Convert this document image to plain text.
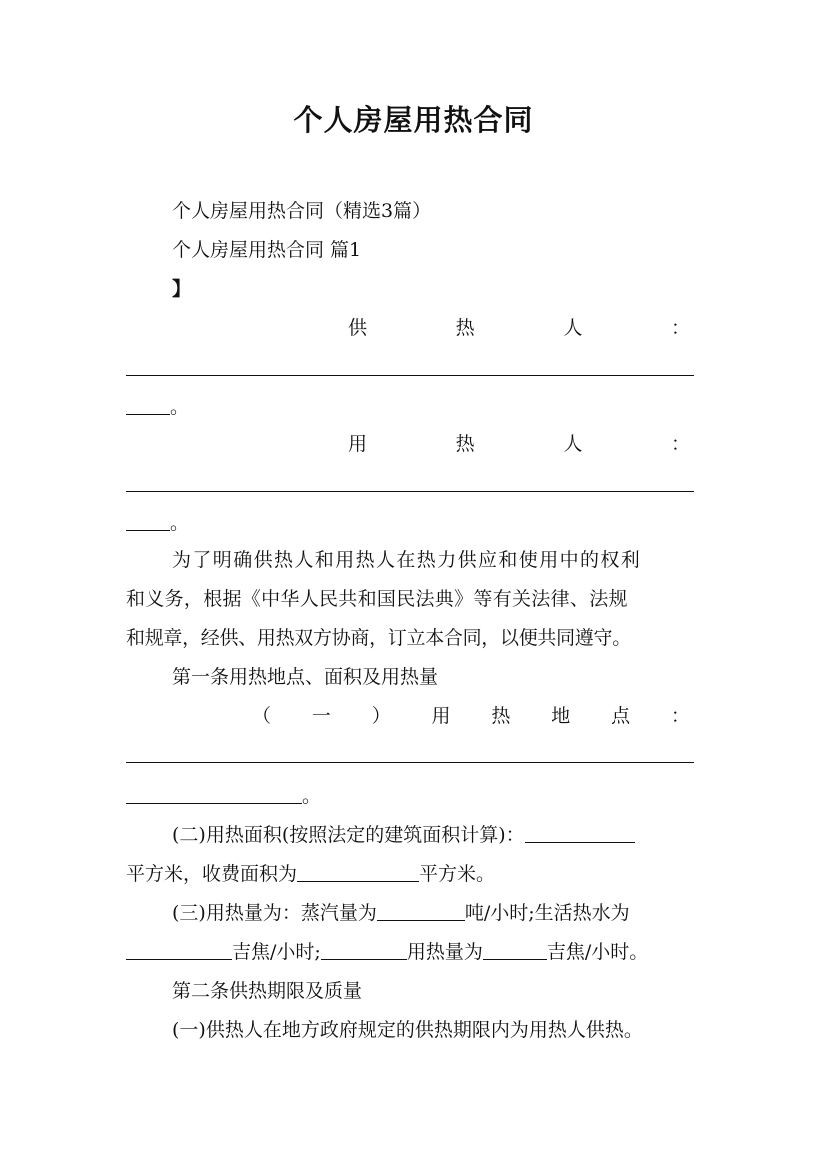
个人房屋用热合同
个人房屋用热合同（精选3篇）
个人房屋用热合同 篇1
】
供	热	人	：
。
用	热	人	：
。
为了明确供热人和用热人在热力供应和使用中的权利
和义务，根据《中华人民共和国民法典》等有关法律、法规
和规章，经供、用热双方协商，订立本合同，以便共同遵守。
第一条用热地点、面积及用热量
（ 一 ） 用 热 地 点 ：
。
(二)用热面积(按照法定的建筑面积计算)：
平方米，收费面积为	平方米。
(三)用热量为：蒸汽量为	吨/小时;生活热水为
吉焦/小时;	用热量为	吉焦/小时。
第二条供热期限及质量
(一)供热人在地方政府规定的供热期限内为用热人供热。
